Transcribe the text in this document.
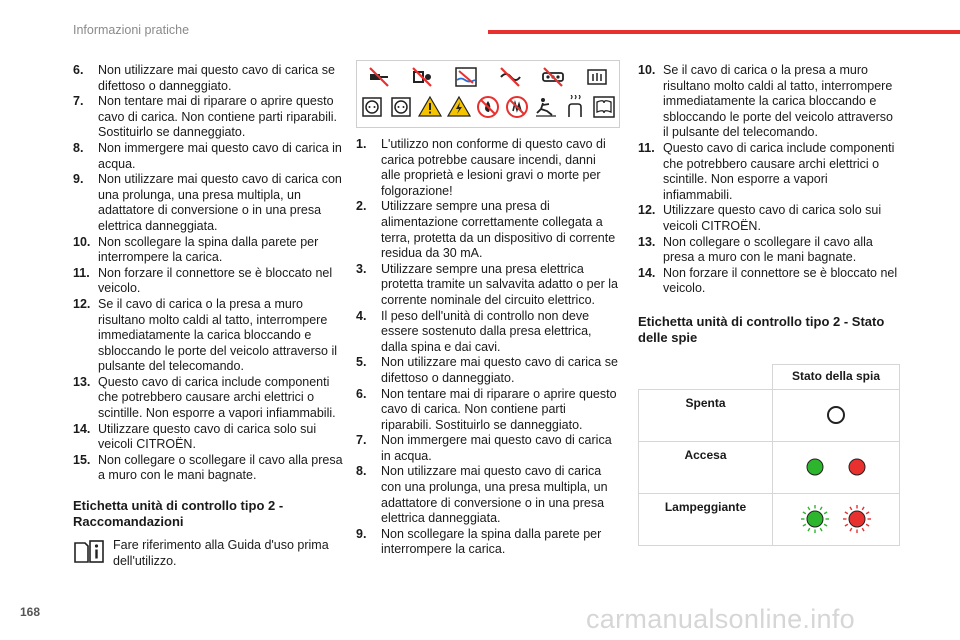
Informazioni pratiche
6. Non utilizzare mai questo cavo di carica se difettoso o danneggiato.
7. Non tentare mai di riparare o aprire questo cavo di carica. Non contiene parti riparabili. Sostituirlo se danneggiato.
8. Non immergere mai questo cavo di carica in acqua.
9. Non utilizzare mai questo cavo di carica con una prolunga, una presa multipla, un adattatore di conversione o in una presa elettrica danneggiata.
10. Non scollegare la spina dalla parete per interrompere la carica.
11. Non forzare il connettore se è bloccato nel veicolo.
12. Se il cavo di carica o la presa a muro risultano molto caldi al tatto, interrompere immediatamente la carica bloccando e sbloccando le porte del veicolo attraverso il pulsante del telecomando.
13. Questo cavo di carica include componenti che potrebbero causare archi elettrici o scintille. Non esporre a vapori infiammabili.
14. Utilizzare questo cavo di carica solo sui veicoli CITROËN.
15. Non collegare o scollegare il cavo alla presa a muro con le mani bagnate.
Etichetta unità di controllo tipo 2 - Raccomandazioni
Fare riferimento alla Guida d'uso prima dell'utilizzo.
1. L'utilizzo non conforme di questo cavo di carica potrebbe causare incendi, danni alle proprietà e lesioni gravi o morte per folgorazione!
2. Utilizzare sempre una presa di alimentazione correttamente collegata a terra, protetta da un dispositivo di corrente residua da 30 mA.
3. Utilizzare sempre una presa elettrica protetta tramite un salvavita adatto o per la corrente nominale del circuito elettrico.
4. Il peso dell'unità di controllo non deve essere sostenuto dalla presa elettrica, dalla spina e dai cavi.
5. Non utilizzare mai questo cavo di carica se difettoso o danneggiato.
6. Non tentare mai di riparare o aprire questo cavo di carica. Non contiene parti riparabili. Sostituirlo se danneggiato.
7. Non immergere mai questo cavo di carica in acqua.
8. Non utilizzare mai questo cavo di carica con una prolunga, una presa multipla, un adattatore di conversione o in una presa elettrica danneggiata.
9. Non scollegare la spina dalla parete per interrompere la carica.
10. Se il cavo di carica o la presa a muro risultano molto caldi al tatto, interrompere immediatamente la carica bloccando e sbloccando le porte del veicolo attraverso il pulsante del telecomando.
11. Questo cavo di carica include componenti che potrebbero causare archi elettrici o scintille. Non esporre a vapori infiammabili.
12. Utilizzare questo cavo di carica solo sui veicoli CITROËN.
13. Non collegare o scollegare il cavo alla presa a muro con le mani bagnate.
14. Non forzare il connettore se è bloccato nel veicolo.
Etichetta unità di controllo tipo 2 - Stato delle spie
	Stato della spia
Spenta	
Accesa	
Lampeggiante	
168	carmanualsonline.info
